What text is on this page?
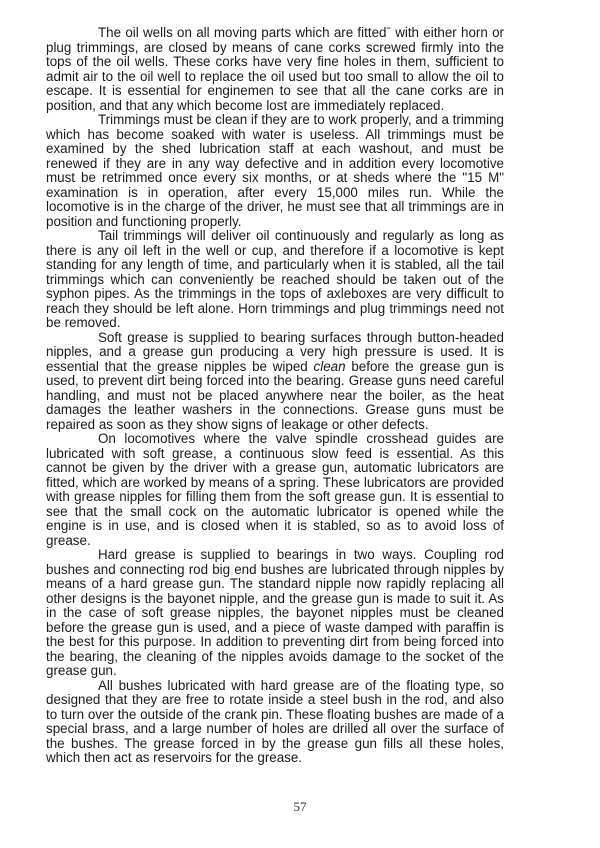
The oil wells on all moving parts which are fittedˉ with either horn or plug trimmings, are closed by means of cane corks screwed firmly into the tops of the oil wells. These corks have very fine holes in them, sufficient to admit air to the oil well to replace the oil used but too small to allow the oil to escape. It is essential for enginemen to see that all the cane corks are in position, and that any which become lost are immediately replaced.

Trimmings must be clean if they are to work properly, and a trimming which has become soaked with water is useless. All trimmings must be examined by the shed lubrication staff at each washout, and must be renewed if they are in any way defective and in addition every locomotive must be retrimmed once every six months, or at sheds where the "15 M" examination is in operation, after every 15,000 miles run. While the locomotive is in the charge of the driver, he must see that all trimmings are in position and functioning properly.

Tail trimmings will deliver oil continuously and regularly as long as there is any oil left in the well or cup, and therefore if a locomotive is kept standing for any length of time, and particularly when it is stabled, all the tail trimmings which can conveniently be reached should be taken out of the syphon pipes. As the trimmings in the tops of axleboxes are very difficult to reach they should be left alone. Horn trimmings and plug trimmings need not be removed.

Soft grease is supplied to bearing surfaces through button-headed nipples, and a grease gun producing a very high pressure is used. It is essential that the grease nipples be wiped clean before the grease gun is used, to prevent dirt being forced into the bearing. Grease guns need careful handling, and must not be placed anywhere near the boiler, as the heat damages the leather washers in the connections. Grease guns must be repaired as soon as they show signs of leakage or other defects.

On locomotives where the valve spindle crosshead guides are lubricated with soft grease, a continuous slow feed is essential. As this cannot be given by the driver with a grease gun, automatic lubricators are fitted, which are worked by means of a spring. These lubricators are provided with grease nipples for filling them from the soft grease gun. It is essential to see that the small cock on the automatic lubricator is opened while the engine is in use, and is closed when it is stabled, so as to avoid loss of grease.

Hard grease is supplied to bearings in two ways. Coupling rod bushes and connecting rod big end bushes are lubricated through nipples by means of a hard grease gun. The standard nipple now rapidly replacing all other designs is the bayonet nipple, and the grease gun is made to suit it. As in the case of soft grease nipples, the bayonet nipples must be cleaned before the grease gun is used, and a piece of waste damped with paraffin is the best for this purpose. In addition to preventing dirt from being forced into the bearing, the cleaning of the nipples avoids damage to the socket of the grease gun.

All bushes lubricated with hard grease are of the floating type, so designed that they are free to rotate inside a steel bush in the rod, and also to turn over the outside of the crank pin. These floating bushes are made of a special brass, and a large number of holes are drilled all over the surface of the bushes. The grease forced in by the grease gun fills all these holes, which then act as reservoirs for the grease.

57
